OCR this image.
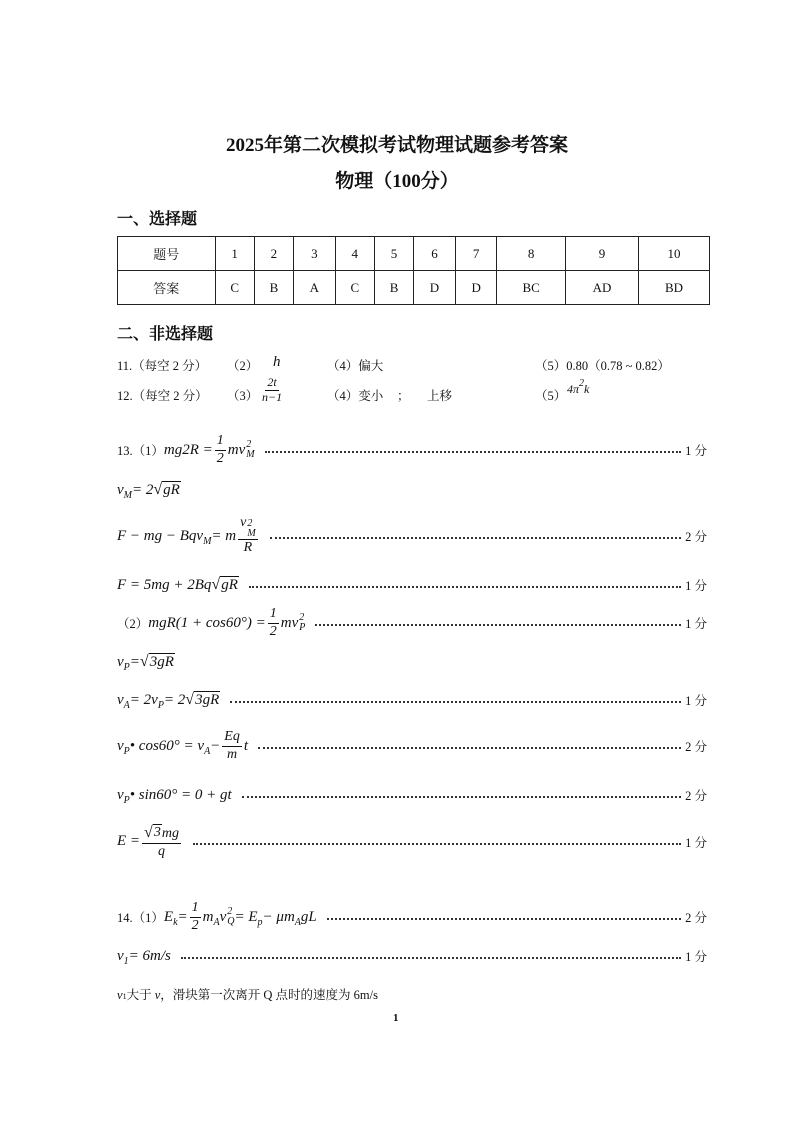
2025年第二次模拟考试物理试题参考答案
物理（100分）
一、选择题
题号	1	2	3	4	5	6	7	8	9	10
答案	C	B	A	C	B	D	D	BC	AD	BD
二、非选择题
11.（每空 2 分） （2） h	（4）偏大	（5）0.80（0.78 ~ 0.82）
12.（每空 2 分） $(3) \frac{2t}{n-1}$	（4）变小 ； 上移	（5） 4π 2 k
13.（1） $mg2R = \frac{1}{2}$ mv 2
M	1 分
v M = 2 √ gR
F − mg − Bqv M = m v 2
M
R	2 分
F = 5mg + 2Bq √ gR	1 分
（2） $mgR(1 + \cos 60^\circ) = \frac{1}{2}$ mv 2
P	1 分
v P = √ 3gR
v A = 2v P = 2 √ 3gR	1 分
v P • cos60° = v $A - \frac{Eq}{m}$ t	2 分
v P • sin60° = 0 + gt	2 分
$E = \frac{√ 3 mg}{q}$	1 分
14.（1） E $k = \frac{1}{2}$ m A v 2
Q = E p − μm A gL	2 分
v 1 = 6m/s	1 分
v1大于 v，滑块第一次离开 Q 点时的速度为 6m/s
1
